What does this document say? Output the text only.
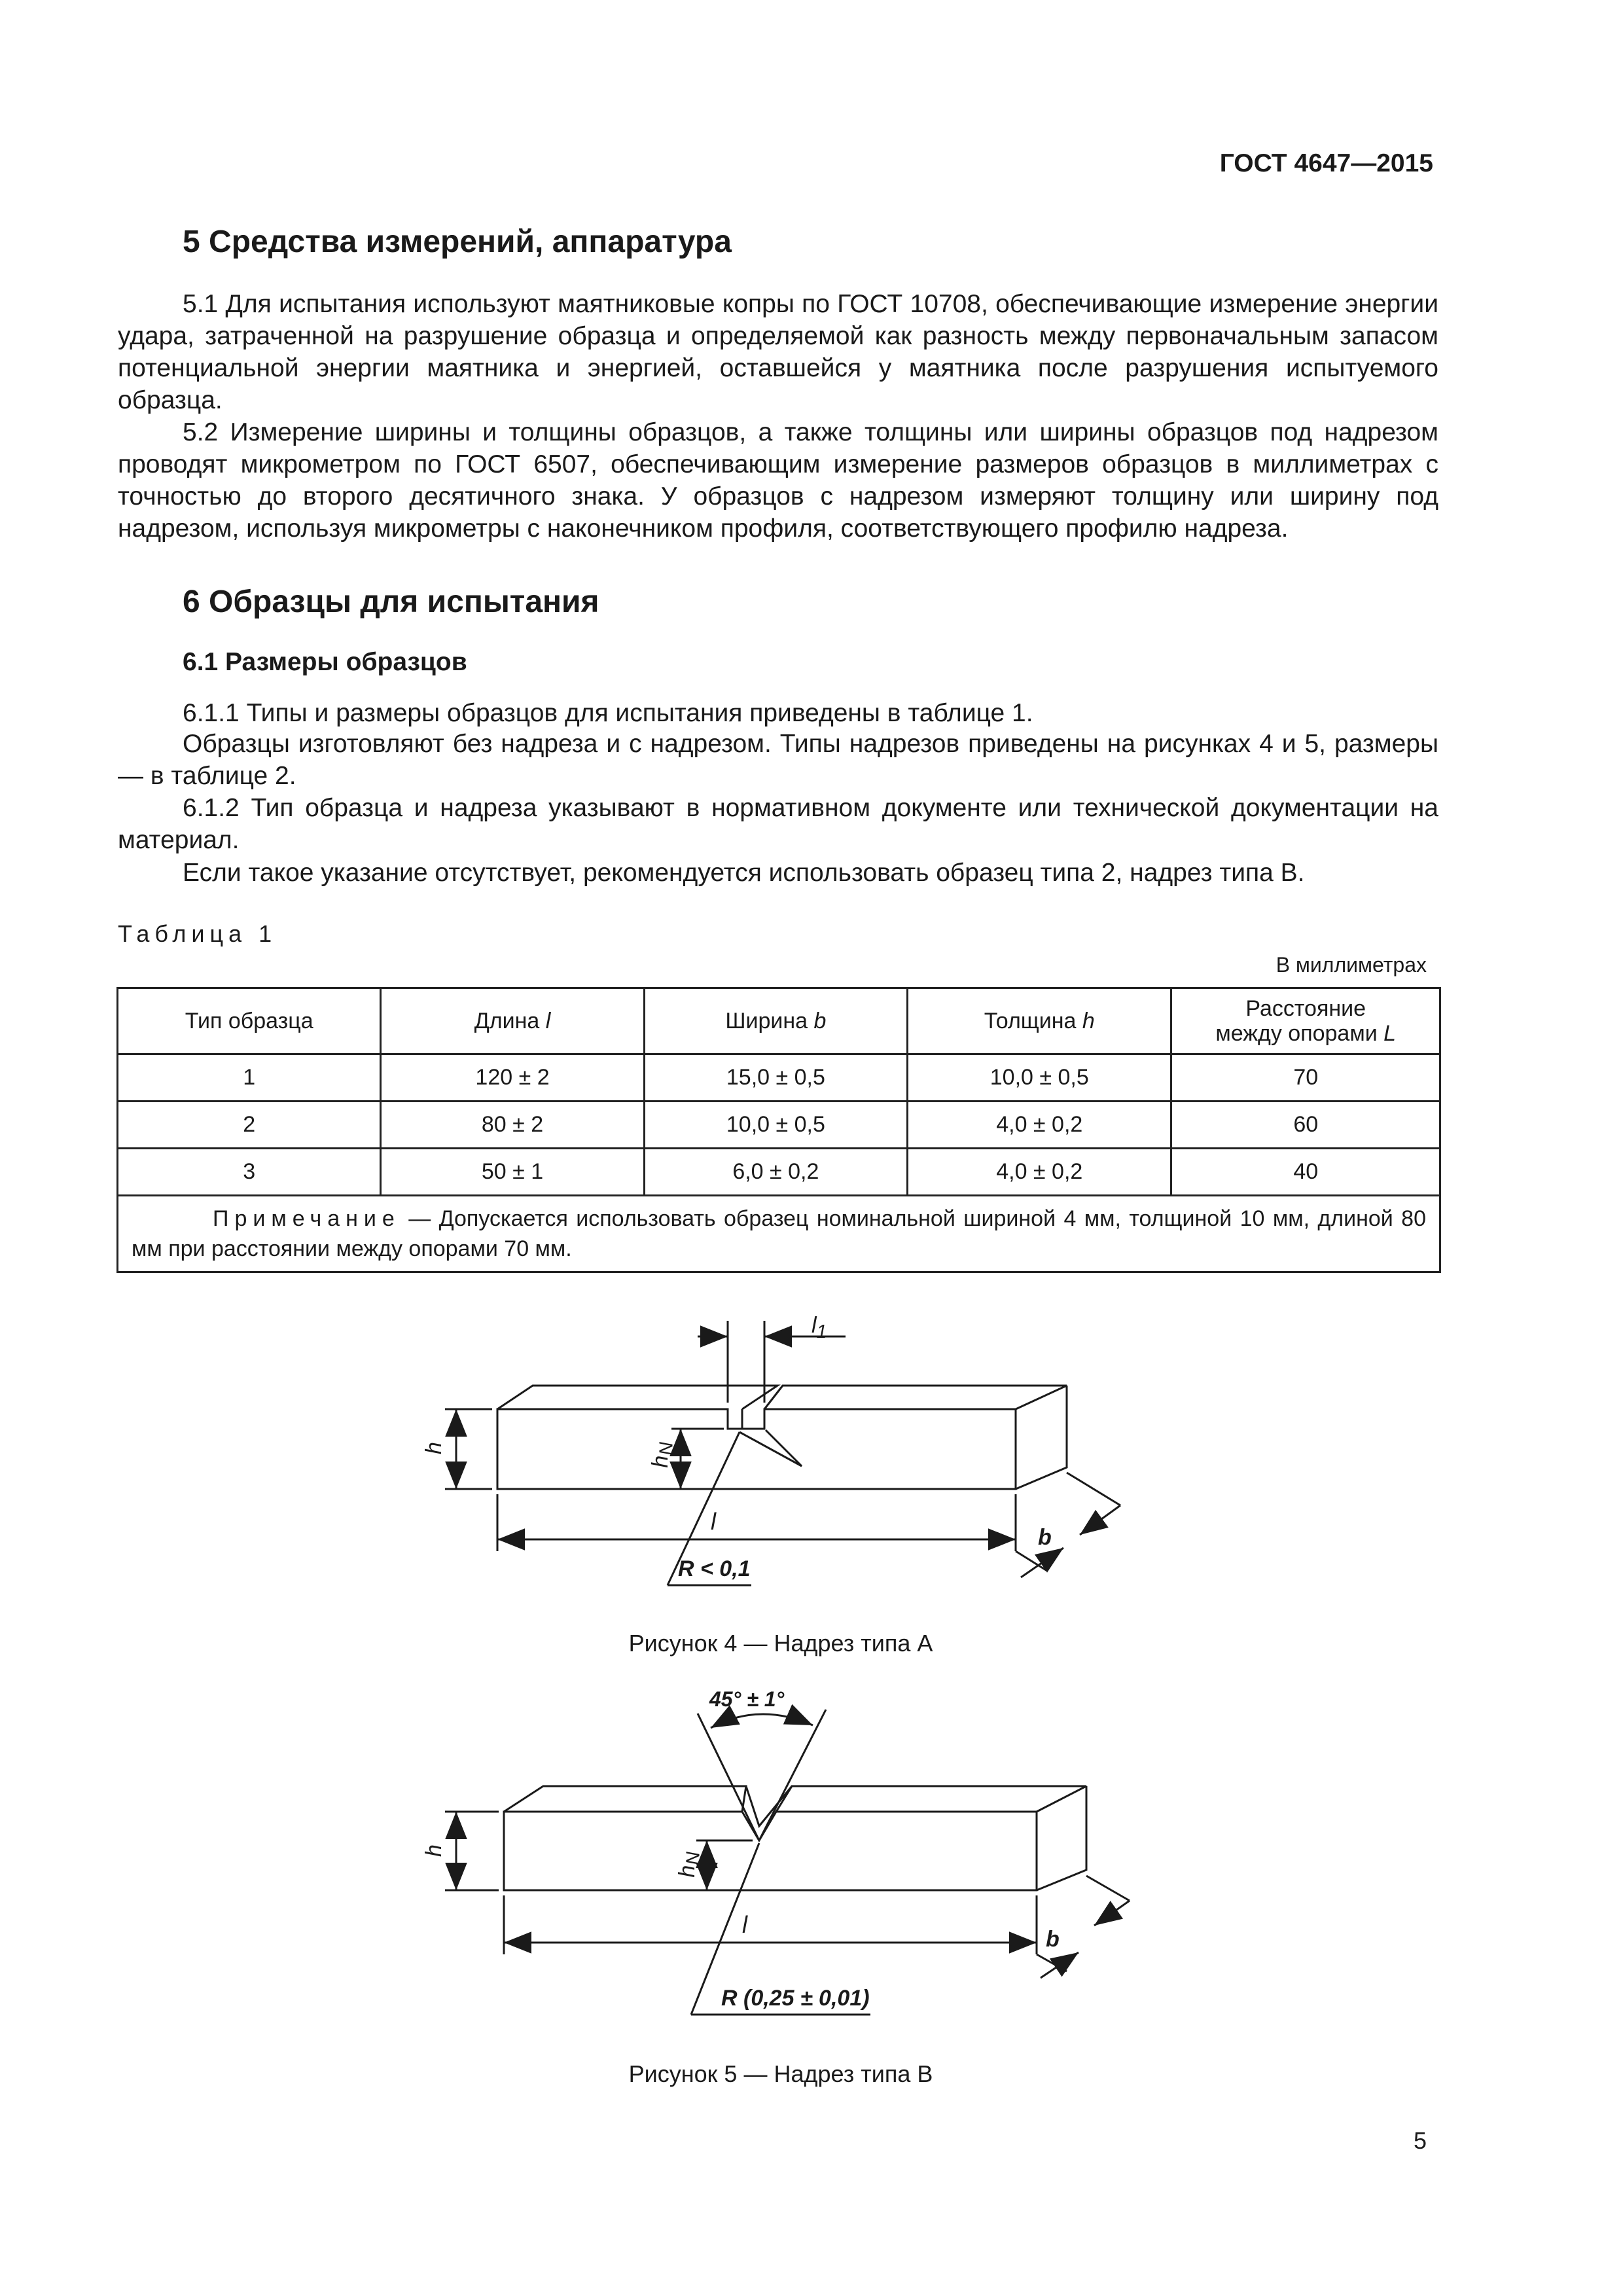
ГОСТ 4647—2015
5 Средства измерений, аппаратура

5.1 Для испытания используют маятниковые копры по ГОСТ 10708, обеспечивающие измерение энергии удара, затраченной на разрушение образца и определяемой как разность между первоначальным запасом потенциальной энергии маятника и энергией, оставшейся у маятника после разрушения испытуемого образца.

5.2 Измерение ширины и толщины образцов, а также толщины или ширины образцов под надрезом проводят микрометром по ГОСТ 6507, обеспечивающим измерение размеров образцов в миллиметрах с точностью до второго десятичного знака. У образцов с надрезом измеряют толщину или ширину под надрезом, используя микрометры с наконечником профиля, соответствующего профилю надреза.

6 Образцы для испытания
6.1 Размеры образцов
6.1.1 Типы и размеры образцов для испытания приведены в таблице 1.

Образцы изготовляют без надреза и с надрезом. Типы надрезов приведены на рисунках 4 и 5, размеры — в таблице 2.

6.1.2 Тип образца и надреза указывают в нормативном документе или технической документации на материал.

Если такое указание отсутствует, рекомендуется использовать образец типа 2, надрез типа В.
Таблица 1
В миллиметрах
Тип образца	Длина l	Ширина b	Толщина h	Расстояние
между опорами L
1	120 ± 2	15,0 ± 0,5	10,0 ± 0,5	70
2	80 ± 2	10,0 ± 0,5	4,0 ± 0,2	60
3	50 ± 1	6,0 ± 0,2	4,0 ± 0,2	40
Примечание — Допускается использовать образец номинальной шириной 4 мм, толщиной 10 мм, длиной 80 мм при расстоянии между опорами 70 мм.				
$l_1$
h
$h_N$
l
b
R < 0,1
Рисунок 4 — Надрез типа А
45° ± 1°
h
$h_N$
l
b
R (0,25 ± 0,01)
Рисунок 5 — Надрез типа В
5
